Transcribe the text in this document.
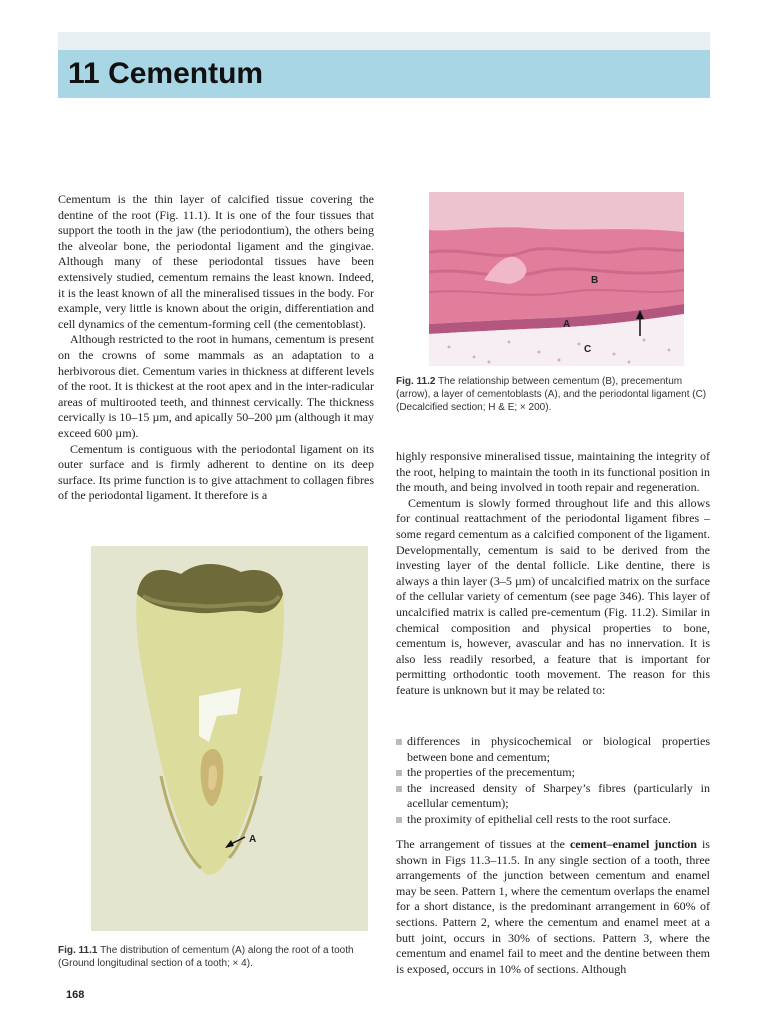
11 Cementum

Cementum is the thin layer of calcified tissue covering the dentine of the root (Fig. 11.1). It is one of the four tissues that support the tooth in the jaw (the periodontium), the others being the alveolar bone, the periodontal ligament and the gingivae. Although many of these periodontal tissues have been extensively studied, cementum remains the least known. Indeed, it is the least known of all the mineralised tissues in the body. For example, very little is known about the origin, differentiation and cell dynamics of the cementum-forming cell (the cementoblast).

Although restricted to the root in humans, cementum is present on the crowns of some mammals as an adaptation to a herbivorous diet. Cementum varies in thickness at different levels of the root. It is thickest at the root apex and in the inter-radicular areas of multirooted teeth, and thinnest cervically. The thickness cervically is 10–15 µm, and apically 50–200 µm (although it may exceed 600 µm).

Cementum is contiguous with the periodontal ligament on its outer surface and is firmly adherent to dentine on its deep surface. Its prime function is to give attachment to collagen fibres of the periodontal ligament. It therefore is a

B
A
C
Fig. 11.2 The relationship between cementum (B), precementum (arrow), a layer of cementoblasts (A), and the periodontal ligament (C) (Decalcified section; H & E; × 200).

highly responsive mineralised tissue, maintaining the integrity of the root, helping to maintain the tooth in its functional position in the mouth, and being involved in tooth repair and regeneration.

Cementum is slowly formed throughout life and this allows for continual reattachment of the periodontal ligament fibres – some regard cementum as a calcified component of the ligament. Developmentally, cementum is said to be derived from the investing layer of the dental follicle. Like dentine, there is always a thin layer (3–5 µm) of uncalcified matrix on the surface of the cellular variety of cementum (see page 346). This layer of uncalcified matrix is called pre-cementum (Fig. 11.2). Similar in chemical composition and physical properties to bone, cementum is, however, avascular and has no innervation. It is also less readily resorbed, a feature that is important for permitting orthodontic tooth movement. The reason for this feature is unknown but it may be related to:

differences in physicochemical or biological properties between bone and cementum;
the properties of the precementum;
the increased density of Sharpey’s fibres (particularly in acellular cementum);
the proximity of epithelial cell rests to the root surface.

The arrangement of tissues at the cement–enamel junction is shown in Figs 11.3–11.5. In any single section of a tooth, three arrangements of the junction between cementum and enamel may be seen. Pattern 1, where the cementum overlaps the enamel for a short distance, is the predominant arrangement in 60% of sections. Pattern 2, where the cementum and enamel meet at a butt joint, occurs in 30% of sections. Pattern 3, where the cementum and enamel fail to meet and the dentine between them is exposed, occurs in 10% of sections. Although

A
Fig. 11.1 The distribution of cementum (A) along the root of a tooth (Ground longitudinal section of a tooth; × 4).
168
